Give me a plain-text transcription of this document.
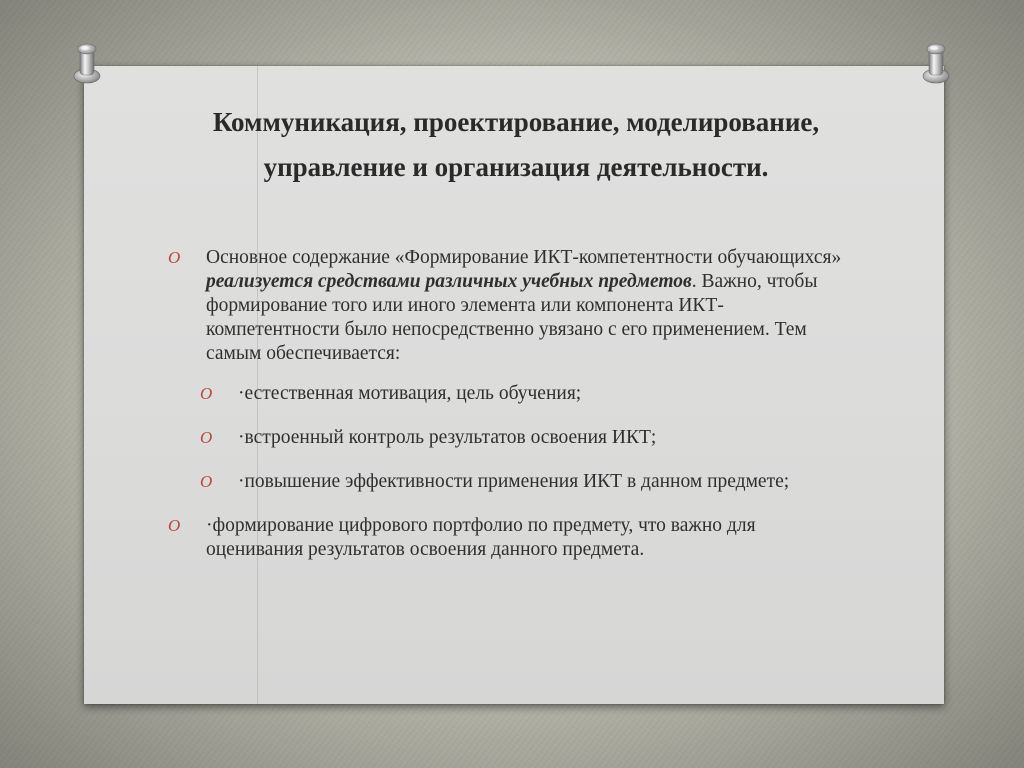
Коммуникация, проектирование, моделирование,
управление и организация деятельности.
O Основное содержание «Формирование ИКТ-компетентности обучающихся» реализуется средствами различных учебных предметов. Важно, чтобы формирование того или иного элемента или компонента ИКТ-компетентности было непосредственно увязано с его применением. Тем самым обеспечивается:
O ·естественная мотивация, цель обучения;
O ·встроенный контроль результатов освоения ИКТ;
O ·повышение эффективности применения ИКТ в данном предмете;
O ·формирование цифрового портфолио по предмету, что важно для оценивания результатов освоения данного предмета.
